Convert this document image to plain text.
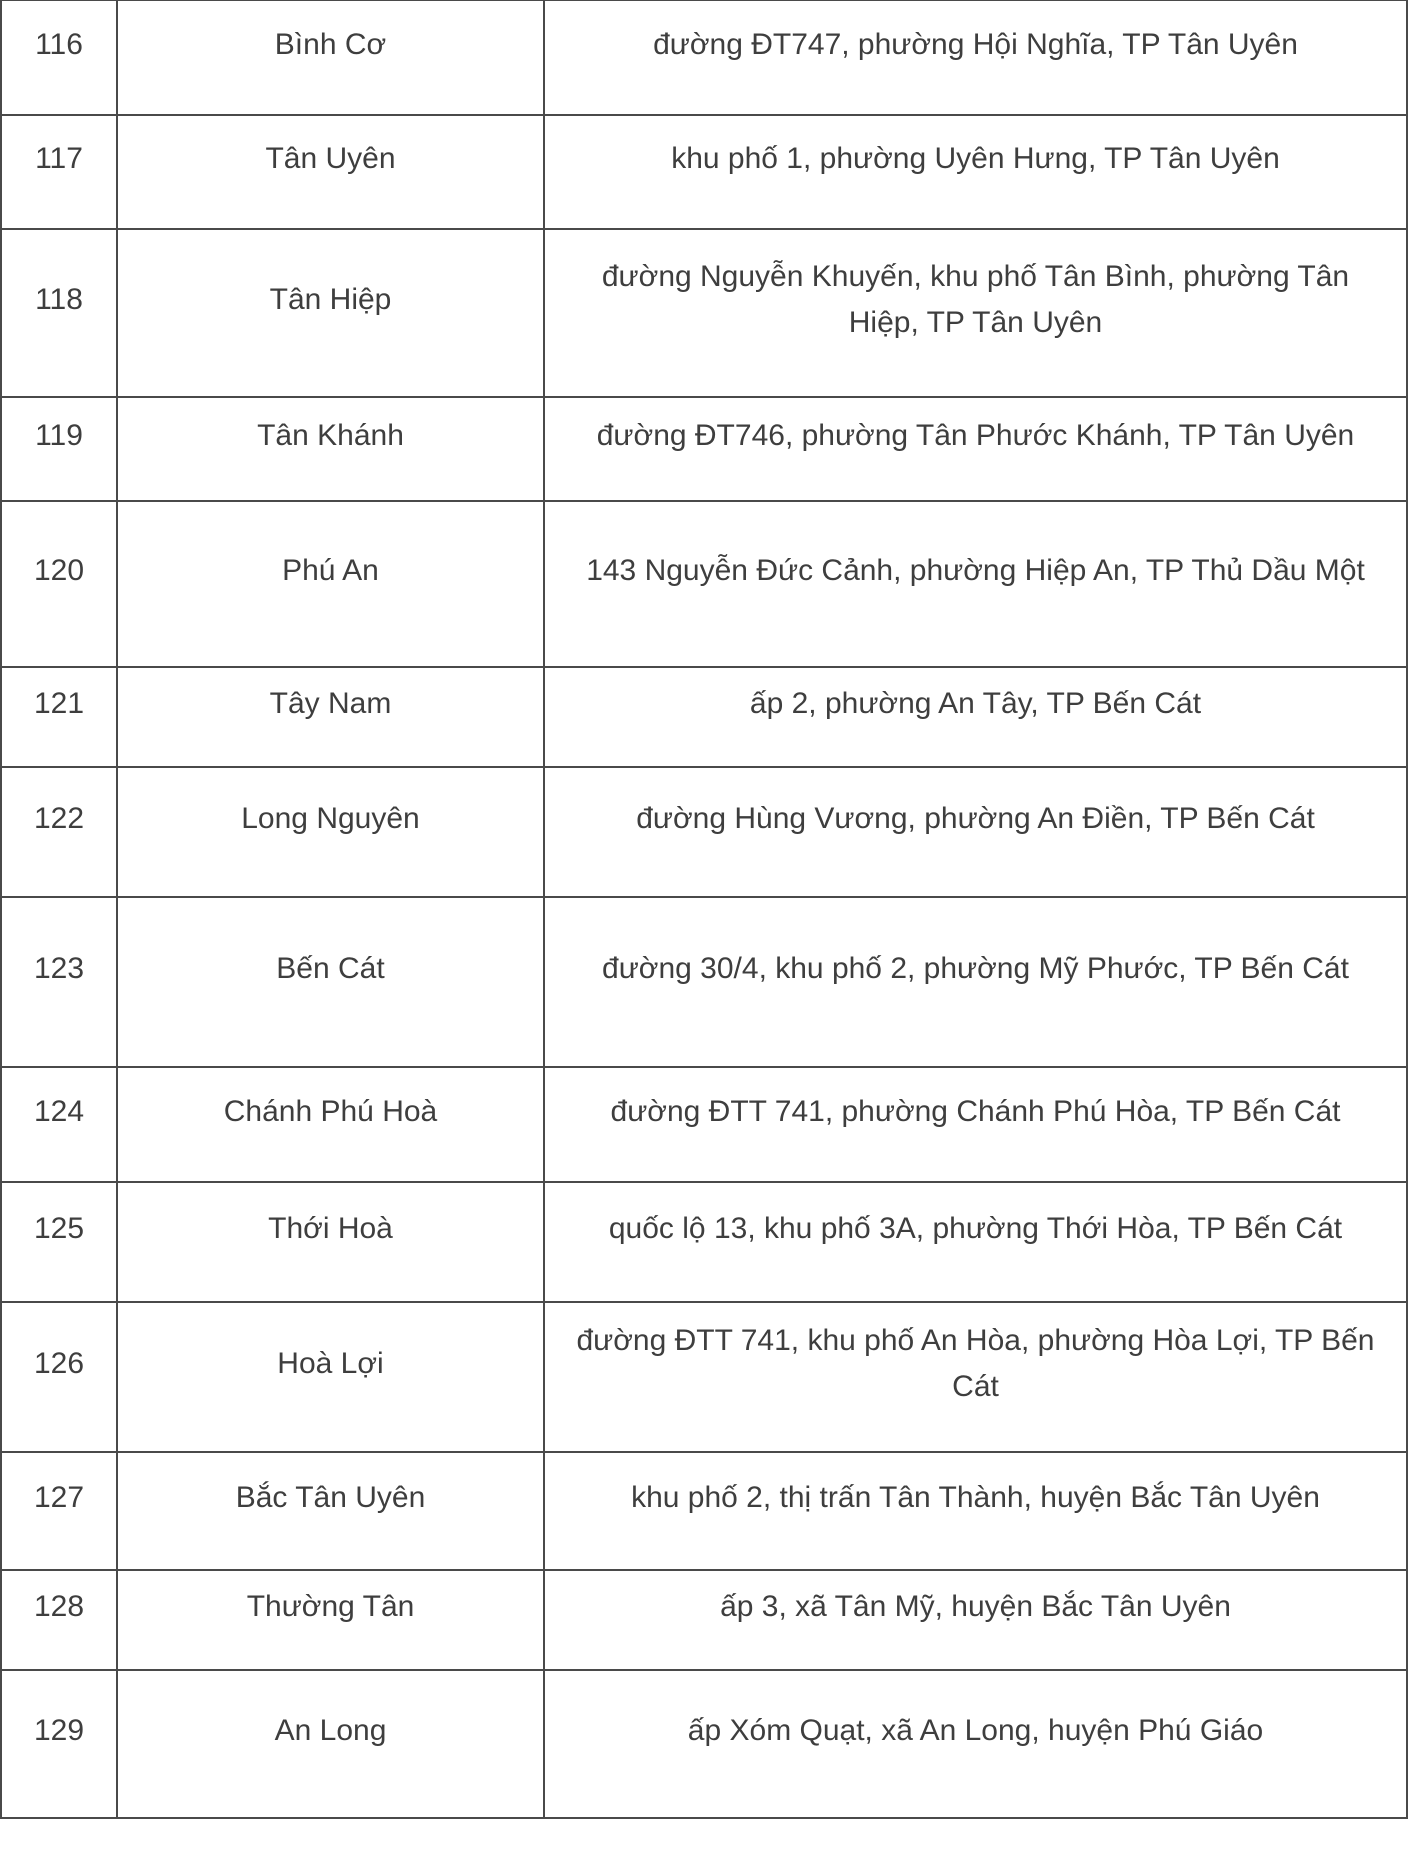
116	Bình Cơ	đường ĐT747, phường Hội Nghĩa, TP Tân Uyên
117	Tân Uyên	khu phố 1, phường Uyên Hưng, TP Tân Uyên
118	Tân Hiệp	đường Nguyễn Khuyến, khu phố Tân Bình, phường Tân Hiệp, TP Tân Uyên
119	Tân Khánh	đường ĐT746, phường Tân Phước Khánh, TP Tân Uyên
120	Phú An	143 Nguyễn Đức Cảnh, phường Hiệp An, TP Thủ Dầu Một
121	Tây Nam	ấp 2, phường An Tây, TP Bến Cát
122	Long Nguyên	đường Hùng Vương, phường An Điền, TP Bến Cát
123	Bến Cát	đường 30/4, khu phố 2, phường Mỹ Phước, TP Bến Cát
124	Chánh Phú Hoà	đường ĐTT 741, phường Chánh Phú Hòa, TP Bến Cát
125	Thới Hoà	quốc lộ 13, khu phố 3A, phường Thới Hòa, TP Bến Cát
126	Hoà Lợi	đường ĐTT 741, khu phố An Hòa, phường Hòa Lợi, TP Bến Cát
127	Bắc Tân Uyên	khu phố 2, thị trấn Tân Thành, huyện Bắc Tân Uyên
128	Thường Tân	ấp 3, xã Tân Mỹ, huyện Bắc Tân Uyên
129	An Long	ấp Xóm Quạt, xã An Long, huyện Phú Giáo
